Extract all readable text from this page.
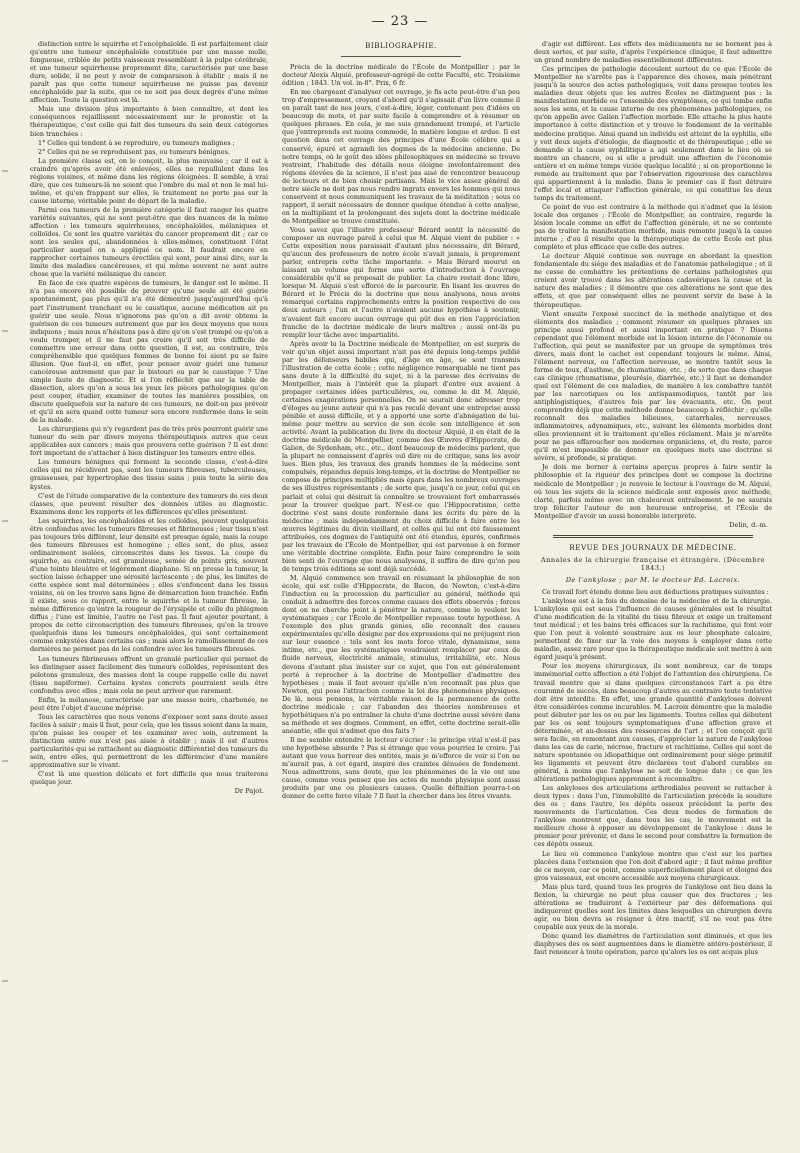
— 23 —

distinction entre le squirrhe et l'encéphaloïde. Il est parfaitement clair qu'entre une tumeur encéphaloïde constituée par une masse molle, fongueuse, criblée de petits vaisseaux ressemblant à la pulpe cérébrale, et une tumeur squirrheuse proprement dite, caractérisée par une base dure, solide, il ne peut y avoir de comparaison à établir ; mais il ne paraît pas que cette tumeur squirrheuse ne puisse pas devenir encéphaloïde par la suite, que ce ne soit pas deux degrés d'une même affection. Toute la question est là.

Mais une division plus importante à bien connaître, et dont les conséquences rejaillissent nécessairement sur le pronostic et la thérapeutique, c'est celle qui fait des tumeurs du sein deux catégories bien tranchées :

1° Celles qui tendent à se reproduire, ou tumeurs malignes ;

2° Celles qui ne se reproduisent pas, ou tumeurs bénignes.

La première classe est, on le conçoit, la plus mauvaise ; car il est à craindre qu'après avoir été enlevées, elles ne repullulent dans les régions voisines, et même dans les régions éloignées. Il semble, à vrai dire, que ces tumeurs-là ne soient que l'ombre du mal et non le mal lui-même, et qu'en frappant sur elles, le traitement ne porte pas sur la cause interne, véritable point de départ de la maladie.

Parmi ces tumeurs de la première catégorie il faut ranger les quatre variétés suivantes, qui ne sont peut-être que des nuances de la même affection : les tumeurs squirrheuses, encéphaloïdes, mélaniques et colloïdes. Ce sont les quatre variétés du cancer proprement dit ; car ce sont les seules qui, abandonnées à elles-mêmes, constituent l'état particulier auquel on a appliqué ce nom. Il faudrait encore en rapprocher certaines tumeurs érectiles qui sont, pour ainsi dire, sur la limite des maladies cancéreuses, et qui même souvent ne sont autre chose que la variété mélanique du cancer.

En face de ces quatre espèces de tumeurs, le danger est le même. Il n'a pas encore été possible de prouver qu'une seule ait été guérie spontanément, pas plus qu'il n'a été démontré jusqu'aujourd'hui qu'à part l'instrument tranchant ou le caustique, aucune médication ait pu guérir une seule. Nous n'ignorons pas qu'on a dit avoir obtenu la guérison de ces tumeurs autrement que par les deux moyens que nous indiquons ; mais nous n'hésitons pas à dire qu'on s'est trompé ou qu'on a voulu tromper, et il ne faut pas croire qu'il soit très difficile de commettre une erreur dans cette question, il est, au contraire, très compréhensible que quelques femmes de bonne foi aient pu se faire illusion. Que faut-il, en effet, pour penser avoir guéri une tumeur cancéreuse autrement que par le bistouri ou par le caustique ? Une simple faute de diagnostic. Et si l'on réfléchit que sur la table de dissection, alors qu'on a sous les yeux les pièces pathologiques qu'on peut couper, étudier, examiner de toutes les manières possibles, on discute quelquefois sur la nature de ces tumeurs, ne doit-on pas prévoir et qu'il en sera quand cette tumeur sera encore renfermée dans le sein de la malade.

Les chirurgiens qui n'y regardent pas de très près pourront guérir une tumeur du sein par divers moyens thérapeutiques autres que ceux applicables aux cancers ; mais que prouvera cette guérison ? Il est donc fort important de s'attacher à bien distinguer les tumeurs entre elles.

Les tumeurs bénignes qui forment la seconde classe, c'est-à-dire celles qui ne récidivent pas, sont les tumeurs fibreuses, tuberculeuses, graisseuses, par hypertrophie des tissus sains ; puis toute la série des kystes.

C'est de l'étude comparative de la contexture des tumeurs de ces deux classes, que peuvent résulter des données utiles au diagnostic. Examinons donc les rapports et les différences qu'elles présentent.

Les squirrhes, les encéphaloïdes et les colloïdes, peuvent quelquefois être confondus avec les tumeurs fibreuses et fibrineuses ; leur tissu n'est pas toujours très différent, leur densité est presque égale, mais la coupe des tumeurs fibreuses est homogène ; elles sont, de plus, assez ordinairement isolées, circonscrites dans les tissus. La coupe du squirrhe, au contraire, est granuleuse, semée de points gris, souvent d'une teinte bleuâtre et légèrement diaphane. Si on presse la tumeur, la section laisse échapper une sérosité lactescente ; de plus, les limites de cette espèce sont mal déterminées ; elles s'enfoncent dans les tissus voisins, où on les trouve sans ligne de démarcation bien tranchée. Enfin il existe, sous ce rapport, entre le squirrhe et la tumeur fibreuse, la même différence qu'entre la rougeur de l'érysipèle et celle du phlegmon diffus ; l'une est limitée, l'autre ne l'est pas. Il faut ajouter pourtant, à propos de cette circonscription des tumeurs fibreuses, qu'on la trouve quelquefois dans les tumeurs encéphaloïdes, qui sont certainement comme enkystées dans certains cas ; mais alors le ramollissement de ces dernières ne permet pas de les confondre avec les tumeurs fibreuses.

Les tumeurs fibrineuses offrent un granulé particulier qui permet de les distinguer assez facilement des tumeurs colloïdes, représentent des pelotons granuleux, des masses dont la coupe rappelle celle du navet (tissu napiforme). Certains kystes concrets pourraient seuls être confondus avec elles ; mais cela ne peut arriver que rarement.

Enfin, la mélanose, caractérisée par une masse noire, charbonée, ne peut être l'objet d'aucune méprise.

Tous les caractères que nous venons d'exposer sont sans doute assez faciles à saisir ; mais il faut, pour cela, que les tissus soient dans la main, qu'on puisse les couper et les examiner avec soin, autrement la distinction entre eux n'est pas aisée à établir ; mais il est d'autres particularités qui se rattachent au diagnostic différentiel des tumeurs du sein, entre elles, qui permettront de les différencier d'une manière approximative sur le vivant.

C'est là une question délicate et fort difficile que nous traiterons quelque jour.

Dr Pajot.
BIBLIOGRAPHIE.

Précis de la doctrine médicale de l'École de Montpellier ; par le docteur Alexis Alquié, professeur-agrégé de cette Faculté, etc. Troisième édition ; 1843. Un vol. in-8°. Prix, 6 fr.

En me chargeant d'analyser cet ouvrage, je fis acte peut-être d'un peu trop d'empressement, croyant d'abord qu'il s'agissait d'un livre comme il en paraît tant de nos jours, c'est-à-dire, léger, contenant peu d'idées en beaucoup de mots, et par suite facile à comprendre et à résumer en quelques phrases. En cela, je me suis grandement trompé, et l'article que j'entreprends est moins commode, la matière longue et ardue. Il est question dans cet ouvrage des principes d'une École célèbre qui a conservé, épuré et agrandi les dogmes de la médecine ancienne. De notre temps, où le goût des idées philosophiques en médecine se trouve restreint, l'habitude des détails nous éloigne involontairement des régions élevées de la science, il n'est pas aisé de rencontrer beaucoup de lecteurs et de bien choisir partisans. Mais le vice assez général de notre siècle ne doit pas nous rendre ingrats envers les hommes qui nous conservent et nous communiquent les travaux de la méditation ; sous ce rapport, il serait nécessaire de donner quelque étendue à cette analyse, en la multipliant et la prolongeant des sujets dont la doctrine médicale de Montpellier se trouve constituée.

Vous savez que l'illustre professeur Bérard sentit la nécessité de composer un ouvrage pareil à celui que M. Alquié vient de publier : « Cette exposition nous paraissait d'autant plus nécessaire, dit Bérard, qu'aucun des professeurs de notre école n'avait jamais, à proprement parler, entrepris cette tâche importante. » Mais Bérard mourut en laissant un volume qui forme une sorte d'introduction à l'ouvrage considérable qu'il se proposait de publier. La chaire restait donc libre, lorsque M. Alquié s'est efforcé de le parcourir. En lisant les œuvres de Bérard et le Précis de la doctrine que nous analysons, nous avons remarqué certains rapprochements entre la position respective de ces deux auteurs ; l'un et l'autre n'avaient aucune hypothèse à soutenir, n'avaient fait encore aucun ouvrage qui pût des en rien l'appréciation franche de la doctrine médicale de leurs maîtres ; aussi ont-ils pu remplir leur tâche avec impartialité.

Après avoir lu la Doctrine médicale de Montpellier, on est surpris de voir qu'un objet aussi important n'ait pas été depuis long-temps publié par les défenseurs habiles qui, d'âge en âge, se sont transmis l'illustration de cette école ; cette négligence remarquable ne tient pas sans doute à la difficulté du sujet, ni à la paresse des écrivains de Montpellier, mais à l'intérêt que la plupart d'entre eux avaient à propager certaines idées particulières, ou, comme le dit M. Alquié, certaines exagérations personnelles. On ne saurait donc adresser trop d'éloges au jeune auteur qui n'a pas reculé devant une entreprise aussi pénible et aussi difficile, et y a apporté une sorte d'abnégation de lui-même pour mettre au service de son école son intelligence et son activité. Avant la publication du livre du docteur Alquié, il en était de la doctrine médicale de Montpellier, comme des Œuvres d'Hippocrate, de Galien, de Sydenham, etc., etc., dont beaucoup de médecins parlent, que la plupart ne connaissent d'après ouï dire ou de critique, sans les avoir lues. Bien plus, les travaux des grands hommes de la médecine sont compulsés, répandus depuis long-temps, et la doctrine de Montpellier ne compose de principes multipliés mais épars dans les nombreux ouvrages de ses illustres représentants ; de sorte que, jusqu'à ce jour, celui qui en parlait et celui qui désirait la connaître se trouvaient fort embarrassés pour la trouver quelque part. N'est-ce que l'Hippocratisme, cette doctrine s'est sans doute renfermée dans les écrits du père de la médecine ; mais indépendamment du choix difficile à faire entre les œuvres légitimes du divin vieillard, et celles qui lui ont été faussement attribuées, ces dogmes de l'antiquité ont été étendus, épurés, confirmés par les travaux de l'École de Montpellier, qui est parvenue à en former une véritable doctrine complète. Enfin pour faire comprendre le soin bien senti de l'ouvrage que nous analysons, il suffira de dire qu'on peu de temps trois éditions se sont déjà succédé.

M. Alquié commence son travail en résumant la philosophie de son école, qui est celle d'Hippocrate, de Bacon, de Newton, c'est-à-dire l'induction ou la procession du particulier au général, méthode qui conduit à admettre des forces comme causes des effets observés ; forces dont on ne cherche point à pénétrer la nature, comme le veulent les systématiques ; car l'École de Montpellier repousse toute hypothèse. A l'exemple des plus grands génies, elle reconnaît des causes expérimentales qu'elle désigne par des expressions qui ne préjugent rien sur leur essence : tels sont les mots force vitale, dynamisme, sens intime, etc., que les systématiques voudraient remplacer par ceux de fluide nerveux, électricité animale, stimulus, irritabilité, etc. Nous devons d'autant plus insister sur ce sujet, que l'on est généralement porté à reprocher à la doctrine de Montpellier d'admettre des hypothèses ; mais il faut avouer qu'elle n'en reconnaît pas plus que Newton, qui pose l'attraction comme la loi des phénomènes physiques. De là, nous pensons, la véritable raison de la permanence de cette doctrine médicale ; car l'abandon des théories nombreuses et hypothétiques n'a pu entraîner la chute d'une doctrine aussi sévère dans sa méthode et ses dogmes. Comment, en effet, cette doctrine serait-elle anéantie, elle qui n'admet que des faits ?

Il me semble entendre le lecteur s'écrier : le principe vital n'est-il pas une hypothèse absurde ? Pas si étrange que vous pourriez le croire. J'ai autant que vous horreur des entités, mais je m'efforce de voir si l'on ne m'aurait pas, à cet égard, inspiré des craintes dénuées de fondement. Nous admettrons, sans doute, que les phénomènes de la vie ont une cause, comme vous pensez que les actes du monde physique sont aussi produits par une ou plusieurs causes. Quelle définition pourra-t-on donner de cette force vitale ? Il faut la chercher dans les êtres vivants.

d'agir est différent. Les effets des médicaments ne se bornent pas à deux sortes, et par suite, d'après l'expérience clinique, il faut admettre un grand nombre de maladies essentiellement différentes.

Ces principes de pathologie découlent surtout de ce que l'École de Montpellier ne s'arrête pas à l'apparence des choses, mais pénétrant jusqu'à la source des actes pathologiques, voit dans presque toutes les maladies deux objets que les autres Écoles ne distinguent pas : la manifestation morbide ou l'ensemble des symptômes, ce qui tombe enfin sous les sens, et la cause interne de ces phénomènes pathologiques, ce qu'on appelle avec Galien l'affection morbide. Elle attache la plus haute importance à cette distinction et y trouve le fondement de la véritable médecine pratique. Ainsi quand un individu est atteint de la syphilis, elle y voit deux sujets d'étiologie, de diagnostic et de thérapeutique ; elle se demande si la cause syphilitique a agi seulement dans le lieu où se montre un chancre, ou si elle a produit une affection de l'économie entière et en même temps viciée quelque localité ; si on proportionne le remède au traitement que par l'observation rigoureuse des caractères qui appartiennent à la maladie. Dans le premier cas il faut détruire l'effet local et attaquer l'affection générale, ce qui constitue les deux temps du traitement.

Ce point de vue est contraire à la méthode qui n'admet que la lésion locale des organes ; l'École de Montpellier, au contraire, regarde la lésion locale comme un effet de l'affection générale, et ne se contente pas de traiter la manifestation morbide, mais remonte jusqu'à la cause interne ; d'où il résulte que la thérapeutique de cette École est plus complète et plus efficace que celle des autres.

Le docteur Alquié continue son ouvrage en abordant la question fondamentale du siége des maladies et de l'anatomie pathologique ; et il ne cesse de combattre les prétentions de certains pathologistes qui croient avoir trouvé dans les altérations cadavériques la cause et la nature des maladies ; il démontre que ces altérations ne sont que des effets, et que par conséquent elles ne peuvent servir de base à la thérapeutique.

Vient ensuite l'exposé succinct de la méthode analytique et des éléments des maladies ; comment résumer en quelques phrases un principe aussi profond et aussi important en pratique ? Disons cependant que l'élément morbide est la lésion interne de l'économie ou l'affection, qui peut se manifester par un groupe de symptômes très divers, mais dont le cachet est cependant toujours le même. Ainsi, l'élément nerveux, ou l'affection nerveuse, se montre tantôt sous la forme de toux, d'asthme, de rhumatisme, etc. ; de sorte que dans chaque cas clinique (rhumatisme, pleurésie, diarrhée, etc.) il faut se demander quel est l'élément de ces maladies, de manière à les combattre tantôt par les narcotiques ou les antispasmodiques, tantôt par les antiphlogistiques, d'autres fois par les évacuants, etc. On peut comprendre déjà que cette méthode donne beaucoup à réfléchir ; qu'elle reconnaît des maladies bilieuses, catarrhales, nerveuses, inflammatoires, adynamiques, etc., suivant les éléments morbides dont elles proviennent et le traitement qu'elles réclament. Mais je m'arrête pour ne pas effaroucher nos modernes organiciens, et, du reste, parce qu'il m'est impossible de donner en quelques mots une doctrine si sévère, si profonde, si pratique.

Je dois me borner à certains aperçus propres à faire sentir la philosophie et la rigueur des principes dont se compose la doctrine médicale de Montpellier ; je renvoie le lecteur à l'ouvrage de M. Alquié, où tous les sujets de la science médicale sont exposés avec méthode, clarté, parfois même avec un chaleureux entraînement. Je ne saurais trop féliciter l'auteur de son heureuse entreprise, et l'École de Montpellier d'avoir un aussi honorable interprète.

Delin, d.-m.
REVUE DES JOURNAUX DE MÉDECINE.
Annales de la chirurgie française et étrangère. (Décembre 1843.)
De l'ankylose ; par M. le docteur Ed. Lacroix.

Ce travail fort étendu donne lieu aux déductions pratiques suivantes :

L'ankylose est à la fois du domaine de la médecine et de la chirurgie. L'ankylose qui est sous l'influence de causes générales est le résultat d'une modification de la vitalité du tissu fibreux et exige un traitement tout médical ; et les bains très efficaces sur la rachitisme, qui font voir que l'on peut à volonté soustraire aux os leur phosphate calcaire, permettent de fixer sur la voie des moyens à employer dans cette maladie, assez rare pour que la thérapeutique médicale soit mettre à son égard jusqu'à présent.

Pour les moyens chirurgicaux, ils sont nombreux, car de temps immémorial cette affection a été l'objet de l'attention des chirurgiens. Ce travail montre que si dans quelques circonstances l'art a pu être couronné de succès, dans beaucoup d'autres au contraire toute tentative doit être interdite. En effet, une grande quantité d'ankyloses doivent être considérées comme incurables. M. Lacroix démontre que la maladie peut débuter par les os ou par les ligaments. Toutes celles qui débutent par les os sont toujours symptomatiques d'une affection grave et déterminée, et au-dessus des ressources de l'art ; et l'on conçoit qu'il sera facile, en remontant aux causes, d'apprécier la nature de l'ankylose dans les cas de carie, nécrose, fracture et rachitisme. Celles qui sont de nature spontanée ou idiopathique ont ordinairement pour siége primitif les ligaments et peuvent être déclarées tout d'abord curables en général, à moins que l'ankylose ne soit de longue date ; ce que les altérations pathologiques apprennent à reconnaître.

Les ankyloses des articulations arthrodiales peuvent se rattacher à deux types : dans l'un, l'immobilité de l'articulation précède la soudure des os ; dans l'autre, les dépôts osseux précèdent la perte des mouvements de l'articulation. Ces deux modes de formation de l'ankylose montrent que, dans tous les cas, le mouvement est la meilleure chose à opposer au développement de l'ankylose : dans le premier pour prévenir, et dans le second pour combattre la formation de ces dépôts osseux.

Le lieu où commence l'ankylose montre que c'est sur les parties placées dans l'extension que l'on doit d'abord agir ; il faut même profiter de ce moyen, car ce point, comme superficiellement placé et éloigné des gros vaisseaux, est encore accessible aux moyens chirurgicaux.

Mais plus tard, quand tous les progrès de l'ankylose ont lieu dans la flexion, la chirurgie ne peut plus causer que des fractures ; les altérations se traduiront à l'extérieur par des déformations qui indiqueront quelles sont les limites dans lesquelles un chirurgien devra agir, ou bien devra se résigner à être inactif, s'il ne veut pas être coupable aux yeux de la morale.

Donc quand les diamètres de l'articulation sont diminués, et que les diaphyses des os sont augmentées dans le diamètre antéro-postérieur, il faut renoncer à toute opération, parce qu'alors les os ont acquis plus
